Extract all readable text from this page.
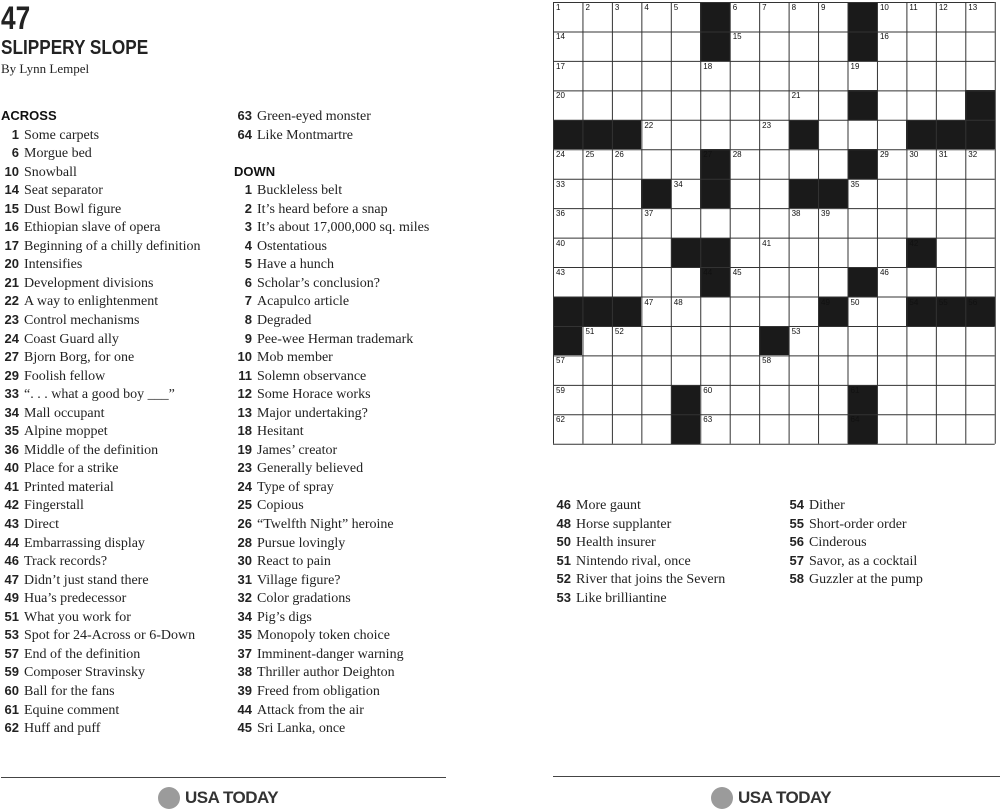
47
SLIPPERY SLOPE

By Lynn Lempel

ACROSS
1 Some carpets
6 Morgue bed
10 Snowball
14 Seat separator
15 Dust Bowl figure
16 Ethiopian slave of opera
17 Beginning of a chilly definition
20 Intensifies
21 Development divisions
22 A way to enlightenment
23 Control mechanisms
24 Coast Guard ally
27 Bjorn Borg, for one
29 Foolish fellow
33 “. . . what a good boy ___”
34 Mall occupant
35 Alpine moppet
36 Middle of the definition
40 Place for a strike
41 Printed material
42 Fingerstall
43 Direct
44 Embarrassing display
46 Track records?
47 Didn’t just stand there
49 Hua’s predecessor
51 What you work for
53 Spot for 24-Across or 6-Down
57 End of the definition
59 Composer Stravinsky
60 Ball for the fans
61 Equine comment
62 Huff and puff
63 Green-eyed monster
64 Like Montmartre
DOWN
1 Buckleless belt
2 It’s heard before a snap
3 It’s about 17,000,000 sq. miles
4 Ostentatious
5 Have a hunch
6 Scholar’s conclusion?
7 Acapulco article
8 Degraded
9 Pee-wee Herman trademark
10 Mob member
11 Solemn observance
12 Some Horace works
13 Major undertaking?
18 Hesitant
19 James’ creator
23 Generally believed
24 Type of spray
25 Copious
26 “Twelfth Night” heroine
28 Pursue lovingly
30 React to pain
31 Village figure?
32 Color gradations
34 Pig’s digs
35 Monopoly token choice
37 Imminent-danger warning
38 Thriller author Deighton
39 Freed from obligation
44 Attack from the air
45 Sri Lanka, once
46 More gaunt
48 Horse supplanter
50 Health insurer
51 Nintendo rival, once
52 River that joins the Severn
53 Like brilliantine
54 Dither
55 Short-order order
56 Cinderous
57 Savor, as a cocktail
58 Guzzler at the pump
1	2	3	4	5	6	7	8	9	10	11	12	13
14	15	16
17	18	19
20	21
22	23
24	25	26	27	28	29	30	31	32
33	34	35
36	37	38	39
40	41	42
43	44	45	46
47	48	49	50	54	55	56
51	52	53
57	58
59	60	61
62	63	64
USA TODAY	USA TODAY
